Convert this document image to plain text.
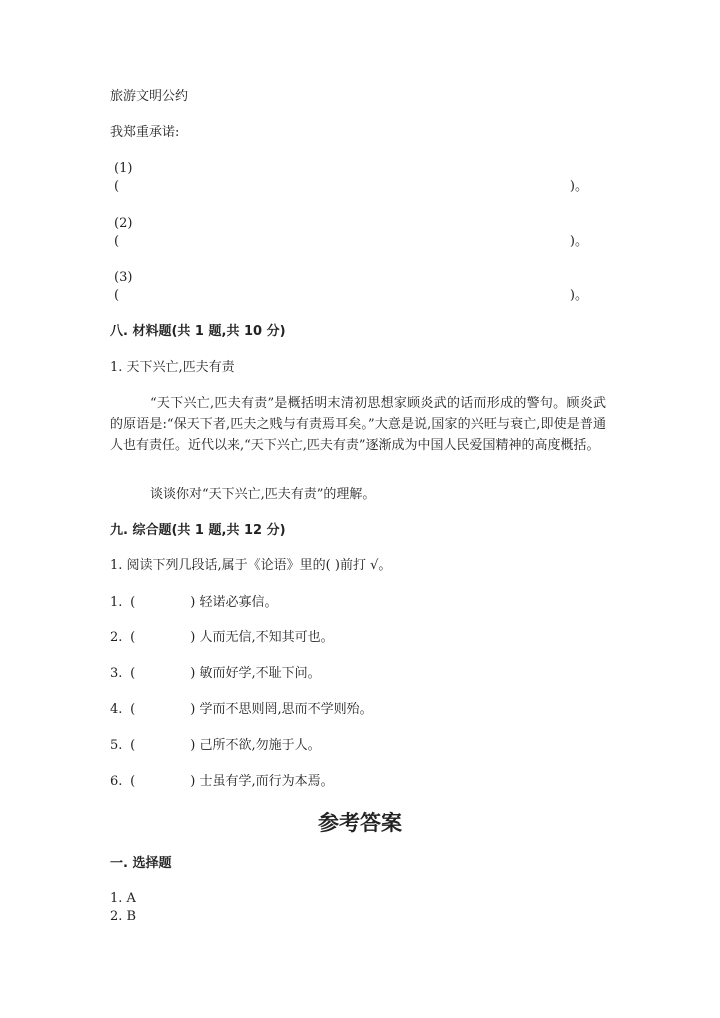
旅游文明公约
我郑重承诺:
(1)
(	)。
(2)
(	)。
(3)
(	)。
八. 材料题(共 1 题,共 10 分)
1. 天下兴亡,匹夫有责
“天下兴亡,匹夫有责”是概括明末清初思想家顾炎武的话而形成的警句。顾炎武的原语是:“保天下者,匹夫之贱与有责焉耳矣。”大意是说,国家的兴旺与衰亡,即使是普通人也有责任。近代以来,“天下兴亡,匹夫有责”逐渐成为中国人民爱国精神的高度概括。
谈谈你对“天下兴亡,匹夫有责”的理解。
九. 综合题(共 1 题,共 12 分)
1. 阅读下列几段话,属于《论语》里的( )前打 √。
1. (	) 轻诺必寡信。
2. (	) 人而无信,不知其可也。
3. (	) 敏而好学,不耻下问。
4. (	) 学而不思则罔,思而不学则殆。
5. (	) 己所不欲,勿施于人。
6. (	) 士虽有学,而行为本焉。
参考答案
一. 选择题
1. A
2. B
